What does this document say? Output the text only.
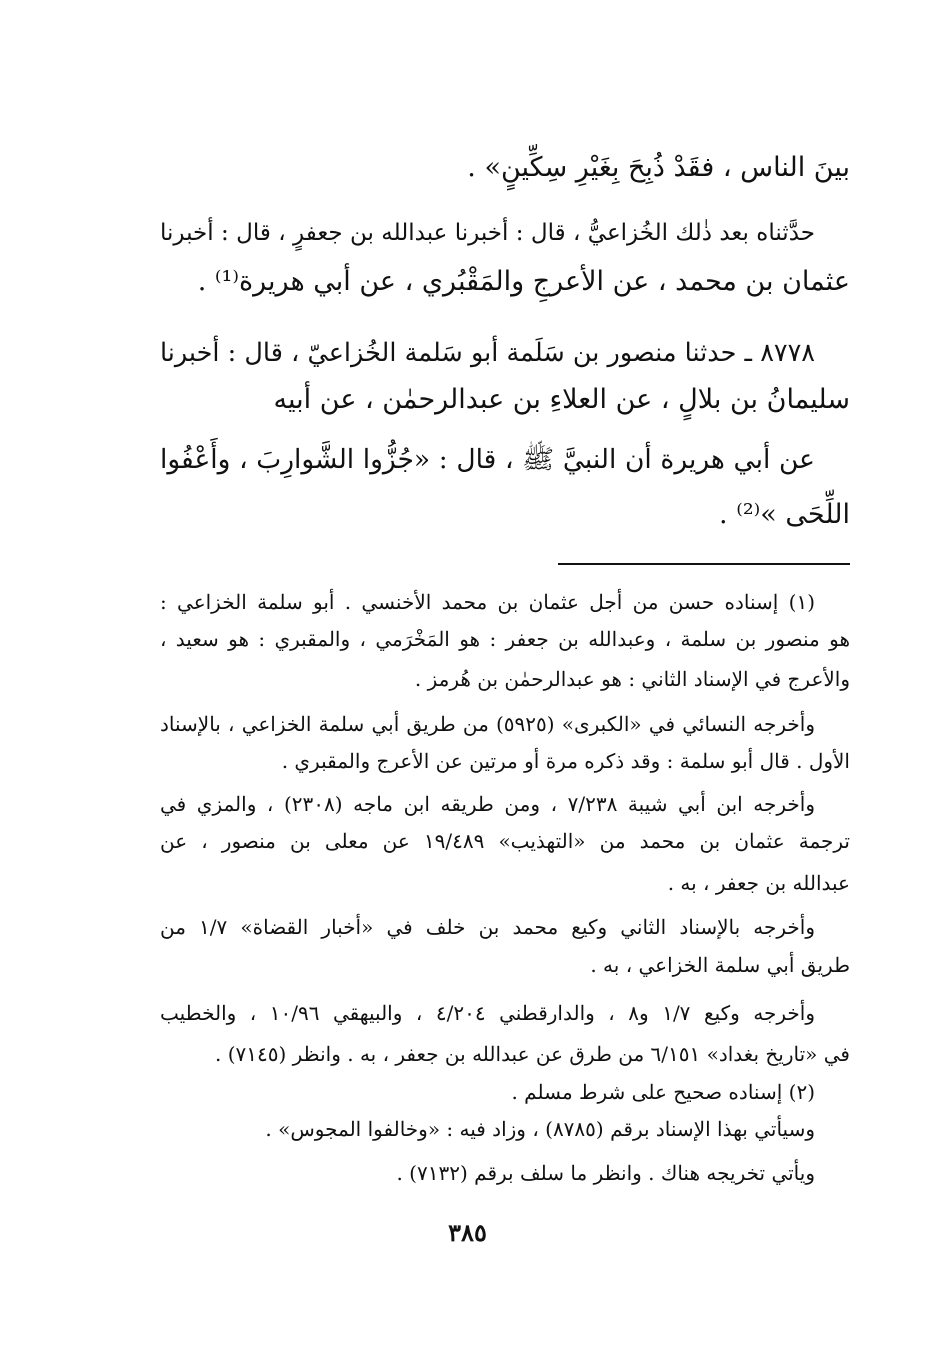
بينَ الناس ، فقَدْ ذُبِحَ بِغَيْرِ سِكِّينٍ» .
حدَّثناه بعد ذٰلك الخُزاعيُّ ، قال : أخبرنا عبدالله بن جعفرٍ ، قال : أخبرنا
عثمان بن محمد ، عن الأعرجِ والمَقْبُري ، عن أبي هريرة⁽¹⁾ .
٨٧٧٨ ـ حدثنا منصور بن سَلَمة أبو سَلمة الخُزاعيّ ، قال : أخبرنا
سليمانُ بن بلالٍ ، عن العلاءِ بن عبدالرحمٰن ، عن أبيه
عن أبي هريرة أن النبيَّ ﷺ ، قال : «جُزُّوا الشَّوارِبَ ، وأَعْفُوا
اللِّحَى »⁽²⁾ .
(١) إسناده حسن من أجل عثمان بن محمد الأخنسي . أبو سلمة الخزاعي :
هو منصور بن سلمة ، وعبدالله بن جعفر : هو المَخْرَمي ، والمقبري : هو سعيد ،
والأعرج في الإسناد الثاني : هو عبدالرحمٰن بن هُرمز .
وأخرجه النسائي في «الكبرى» (٥٩٢٥) من طريق أبي سلمة الخزاعي ، بالإسناد
الأول . قال أبو سلمة : وقد ذكره مرة أو مرتين عن الأعرج والمقبري .
وأخرجه ابن أبي شيبة ٧/٢٣٨ ، ومن طريقه ابن ماجه (٢٣٠٨) ، والمزي في
ترجمة عثمان بن محمد من «التهذيب» ١٩/٤٨٩ عن معلى بن منصور ، عن
عبدالله بن جعفر ، به .
وأخرجه بالإسناد الثاني وكيع محمد بن خلف في «أخبار القضاة» ١/٧ من
طريق أبي سلمة الخزاعي ، به .
وأخرجه وكيع ١/٧ و٨ ، والدارقطني ٤/٢٠٤ ، والبيهقي ١٠/٩٦ ، والخطيب
في «تاريخ بغداد» ٦/١٥١ من طرق عن عبدالله بن جعفر ، به . وانظر (٧١٤٥) .
(٢) إسناده صحيح على شرط مسلم .
وسيأتي بهذا الإسناد برقم (٨٧٨٥) ، وزاد فيه : «وخالفوا المجوس» .
ويأتي تخريجه هناك . وانظر ما سلف برقم (٧١٣٢) .
٣٨٥
